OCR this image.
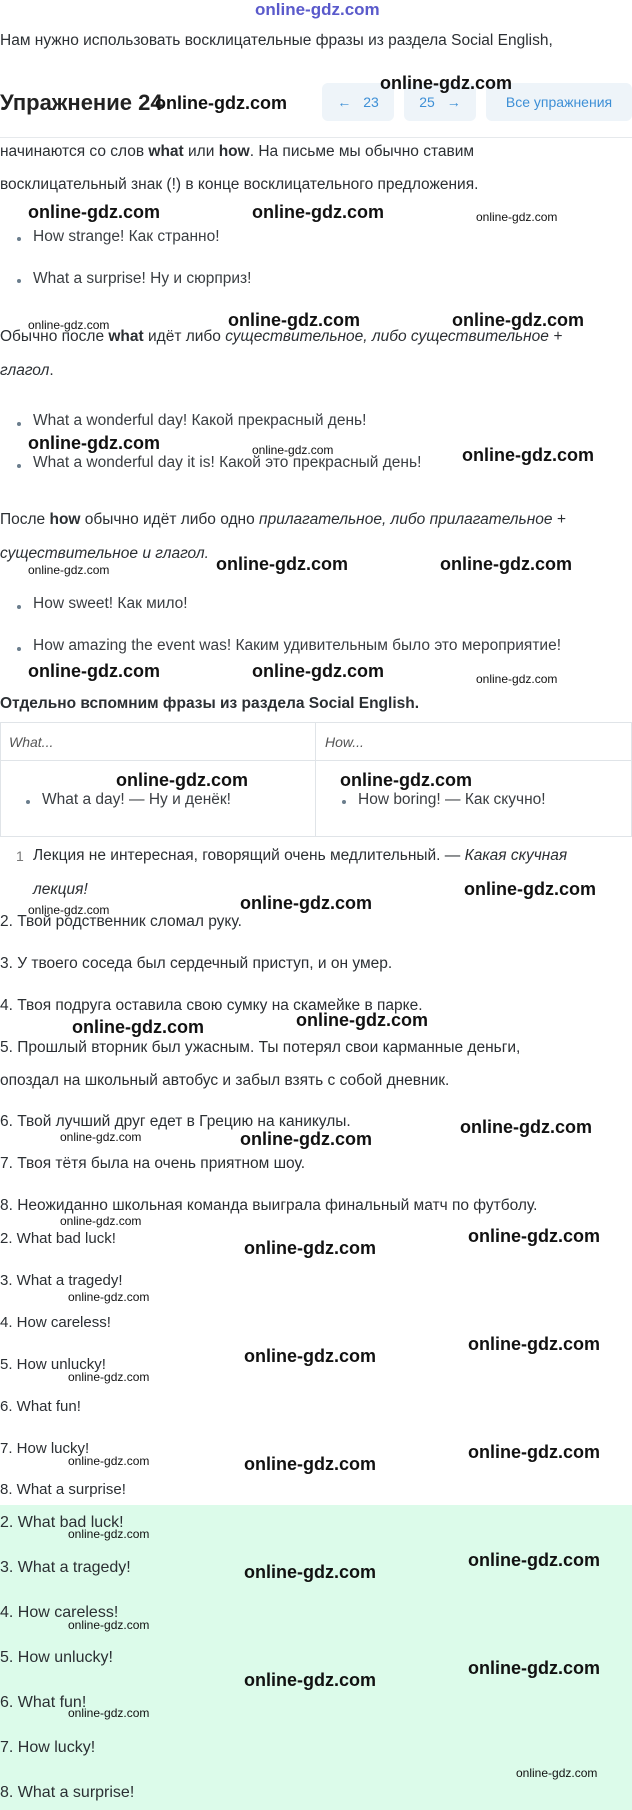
online-gdz.com
Нам нужно использовать восклицательные фразы из раздела Social English,
Упражнение 24	← 23	25 →	Все упражнения
начинаются со слов what или how. На письме мы обычно ставим
восклицательный знак (!) в конце восклицательного предложения.
How strange! Как странно!
What a surprise! Ну и сюрприз!
Обычно после what идёт либо существительное, либо существительное +
глагол.
What a wonderful day! Какой прекрасный день!
What a wonderful day it is! Какой это прекрасный день!
После how обычно идёт либо одно прилагательное, либо прилагательное +
существительное и глагол.
How sweet! Как мило!
How amazing the event was! Каким удивительным было это мероприятие!
Отдельно вспомним фразы из раздела Social English.
What...	How...
What a day! — Ну и денёк!	How boring! — Как скучно!
1 Лекция не интересная, говорящий очень медлительный. — Какая скучная
лекция!
2. Твой родственник сломал руку.
3. У твоего соседа был сердечный приступ, и он умер.
4. Твоя подруга оставила свою сумку на скамейке в парке.
5. Прошлый вторник был ужасным. Ты потерял свои карманные деньги,
опоздал на школьный автобус и забыл взять с собой дневник.
6. Твой лучший друг едет в Грецию на каникулы.
7. Твоя тётя была на очень приятном шоу.
8. Неожиданно школьная команда выиграла финальный матч по футболу.
2. What bad luck!
3. What a tragedy!
4. How careless!
5. How unlucky!
6. What fun!
7. How lucky!
8. What a surprise!
2. What bad luck!
3. What a tragedy!
4. How careless!
5. How unlucky!
6. What fun!
7. How lucky!
8. What a surprise!
online-gdz.com
online-gdz.com
online-gdz.com	online-gdz.com	online-gdz.com
online-gdz.com	online-gdz.com	online-gdz.com
online-gdz.com	online-gdz.com	online-gdz.com
online-gdz.com	online-gdz.com	online-gdz.com
online-gdz.com	online-gdz.com	online-gdz.com
online-gdz.com	online-gdz.com
online-gdz.com	online-gdz.com
online-gdz.com
online-gdz.com	online-gdz.com
online-gdz.com	online-gdz.com
online-gdz.com
online-gdz.com
online-gdz.com
online-gdz.com
online-gdz.com
online-gdz.com
online-gdz.com
online-gdz.com
online-gdz.com
online-gdz.com
online-gdz.com
online-gdz.com
online-gdz.com
online-gdz.com
online-gdz.com
online-gdz.com
online-gdz.com
online-gdz.com
online-gdz.com
